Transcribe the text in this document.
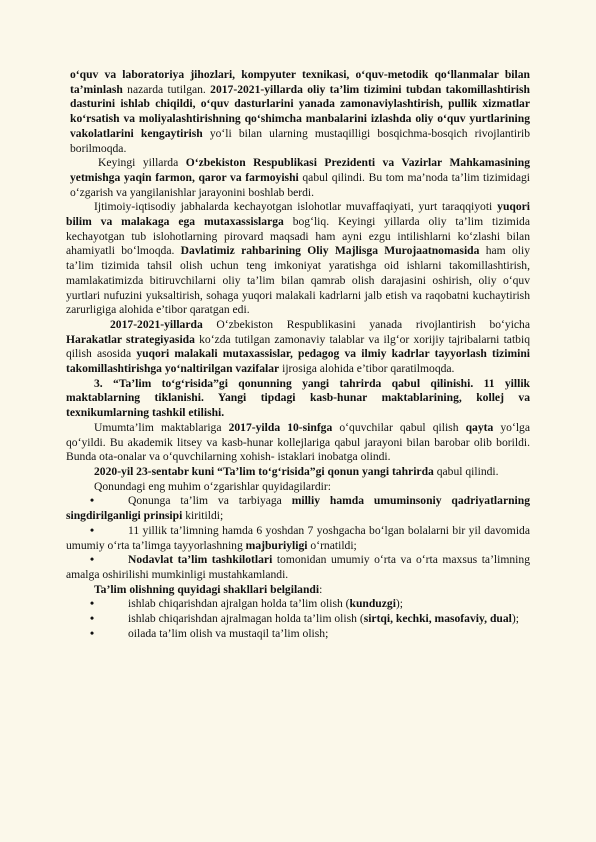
o‘quv va laboratoriya jihozlari, kompyuter texnikasi, o‘quv-metodik qo‘llanmalar bilan ta’minlash nazarda tutilgan. 2017-2021-yillarda oliy ta’lim tizimini tubdan takomillashtirish dasturini ishlab chiqildi, o‘quv dasturlarini yanada zamonaviylashtirish, pullik xizmatlar ko‘rsatish va moliyalashtirishning qo‘shimcha manbalarini izlashda oliy o‘quv yurtlarining vakolatlarini kengaytirish yo‘li bilan ularning mustaqilligi bosqichma-bosqich rivojlantirib borilmoqda.

Keyingi yillarda O‘zbekiston Respublikasi Prezidenti va Vazirlar Mahkamasining yetmishga yaqin farmon, qaror va farmoyishi qabul qilindi. Bu tom ma’noda ta’lim tizimidagi o‘zgarish va yangilanishlar jarayonini boshlab berdi.

Ijtimoiy-iqtisodiy jabhalarda kechayotgan islohotlar muvaffaqiyati, yurt taraqqiyoti yuqori bilim va malakaga ega mutaxassislarga bog‘liq. Keyingi yillarda oliy ta’lim tizimida kechayotgan tub islohotlarning pirovard maqsadi ham ayni ezgu intilishlarni ko‘zlashi bilan ahamiyatli bo‘lmoqda. Davlatimiz rahbarining Oliy Majlisga Murojaatnomasida ham oliy ta’lim tizimida tahsil olish uchun teng imkoniyat yaratishga oid ishlarni takomillashtirish, mamlakatimizda bitiruvchilarni oliy ta’lim bilan qamrab olish darajasini oshirish, oliy o‘quv yurtlari nufuzini yuksaltirish, sohaga yuqori malakali kadrlarni jalb etish va raqobatni kuchaytirish zarurligiga alohida e’tibor qaratgan edi.

2017-2021-yillarda O‘zbekiston Respublikasini yanada rivojlantirish bo‘yicha Harakatlar strategiyasida ko‘zda tutilgan zamonaviy talablar va ilg‘or xorijiy tajribalarni tatbiq qilish asosida yuqori malakali mutaxassislar, pedagog va ilmiy kadrlar tayyorlash tizimini takomillashtirishga yo‘naltirilgan vazifalar ijrosiga alohida e’tibor qaratilmoqda.

3. “Ta’lim to‘g‘risida”gi qonunning yangi tahrirda qabul qilinishi. 11 yillik maktablarning tiklanishi. Yangi tipdagi kasb-hunar maktablarining, kollej va texnikumlarning tashkil etilishi.

Umumta’lim maktablariga 2017-yilda 10-sinfga o‘quvchilar qabul qilish qayta yo‘lga qo‘yildi. Bu akademik litsey va kasb-hunar kollejlariga qabul jarayoni bilan barobar olib borildi. Bunda ota-onalar va o‘quvchilarning xohish- istaklari inobatga olindi.

2020-yil 23-sentabr kuni “Ta’lim to‘g‘risida”gi qonun yangi tahrirda qabul qilindi.

Qonundagi eng muhim o‘zgarishlar quyidagilardir:

•	Qonunga ta’lim va tarbiyaga milliy hamda umuminsoniy qadriyatlarning singdirilganligi prinsipi kiritildi;

•	11 yillik ta’limning hamda 6 yoshdan 7 yoshgacha bo‘lgan bolalarni bir yil davomida umumiy o‘rta ta’limga tayyorlashning majburiyligi o‘rnatildi;

•	Nodavlat ta’lim tashkilotlari tomonidan umumiy o‘rta va o‘rta maxsus ta’limning amalga oshirilishi mumkinligi mustahkamlandi.

Ta’lim olishning quyidagi shakllari belgilandi:

•	ishlab chiqarishdan ajralgan holda ta’lim olish (kunduzgi);

•	ishlab chiqarishdan ajralmagan holda ta’lim olish (sirtqi, kechki, masofaviy, dual);

•	oilada ta’lim olish va mustaqil ta’lim olish;
